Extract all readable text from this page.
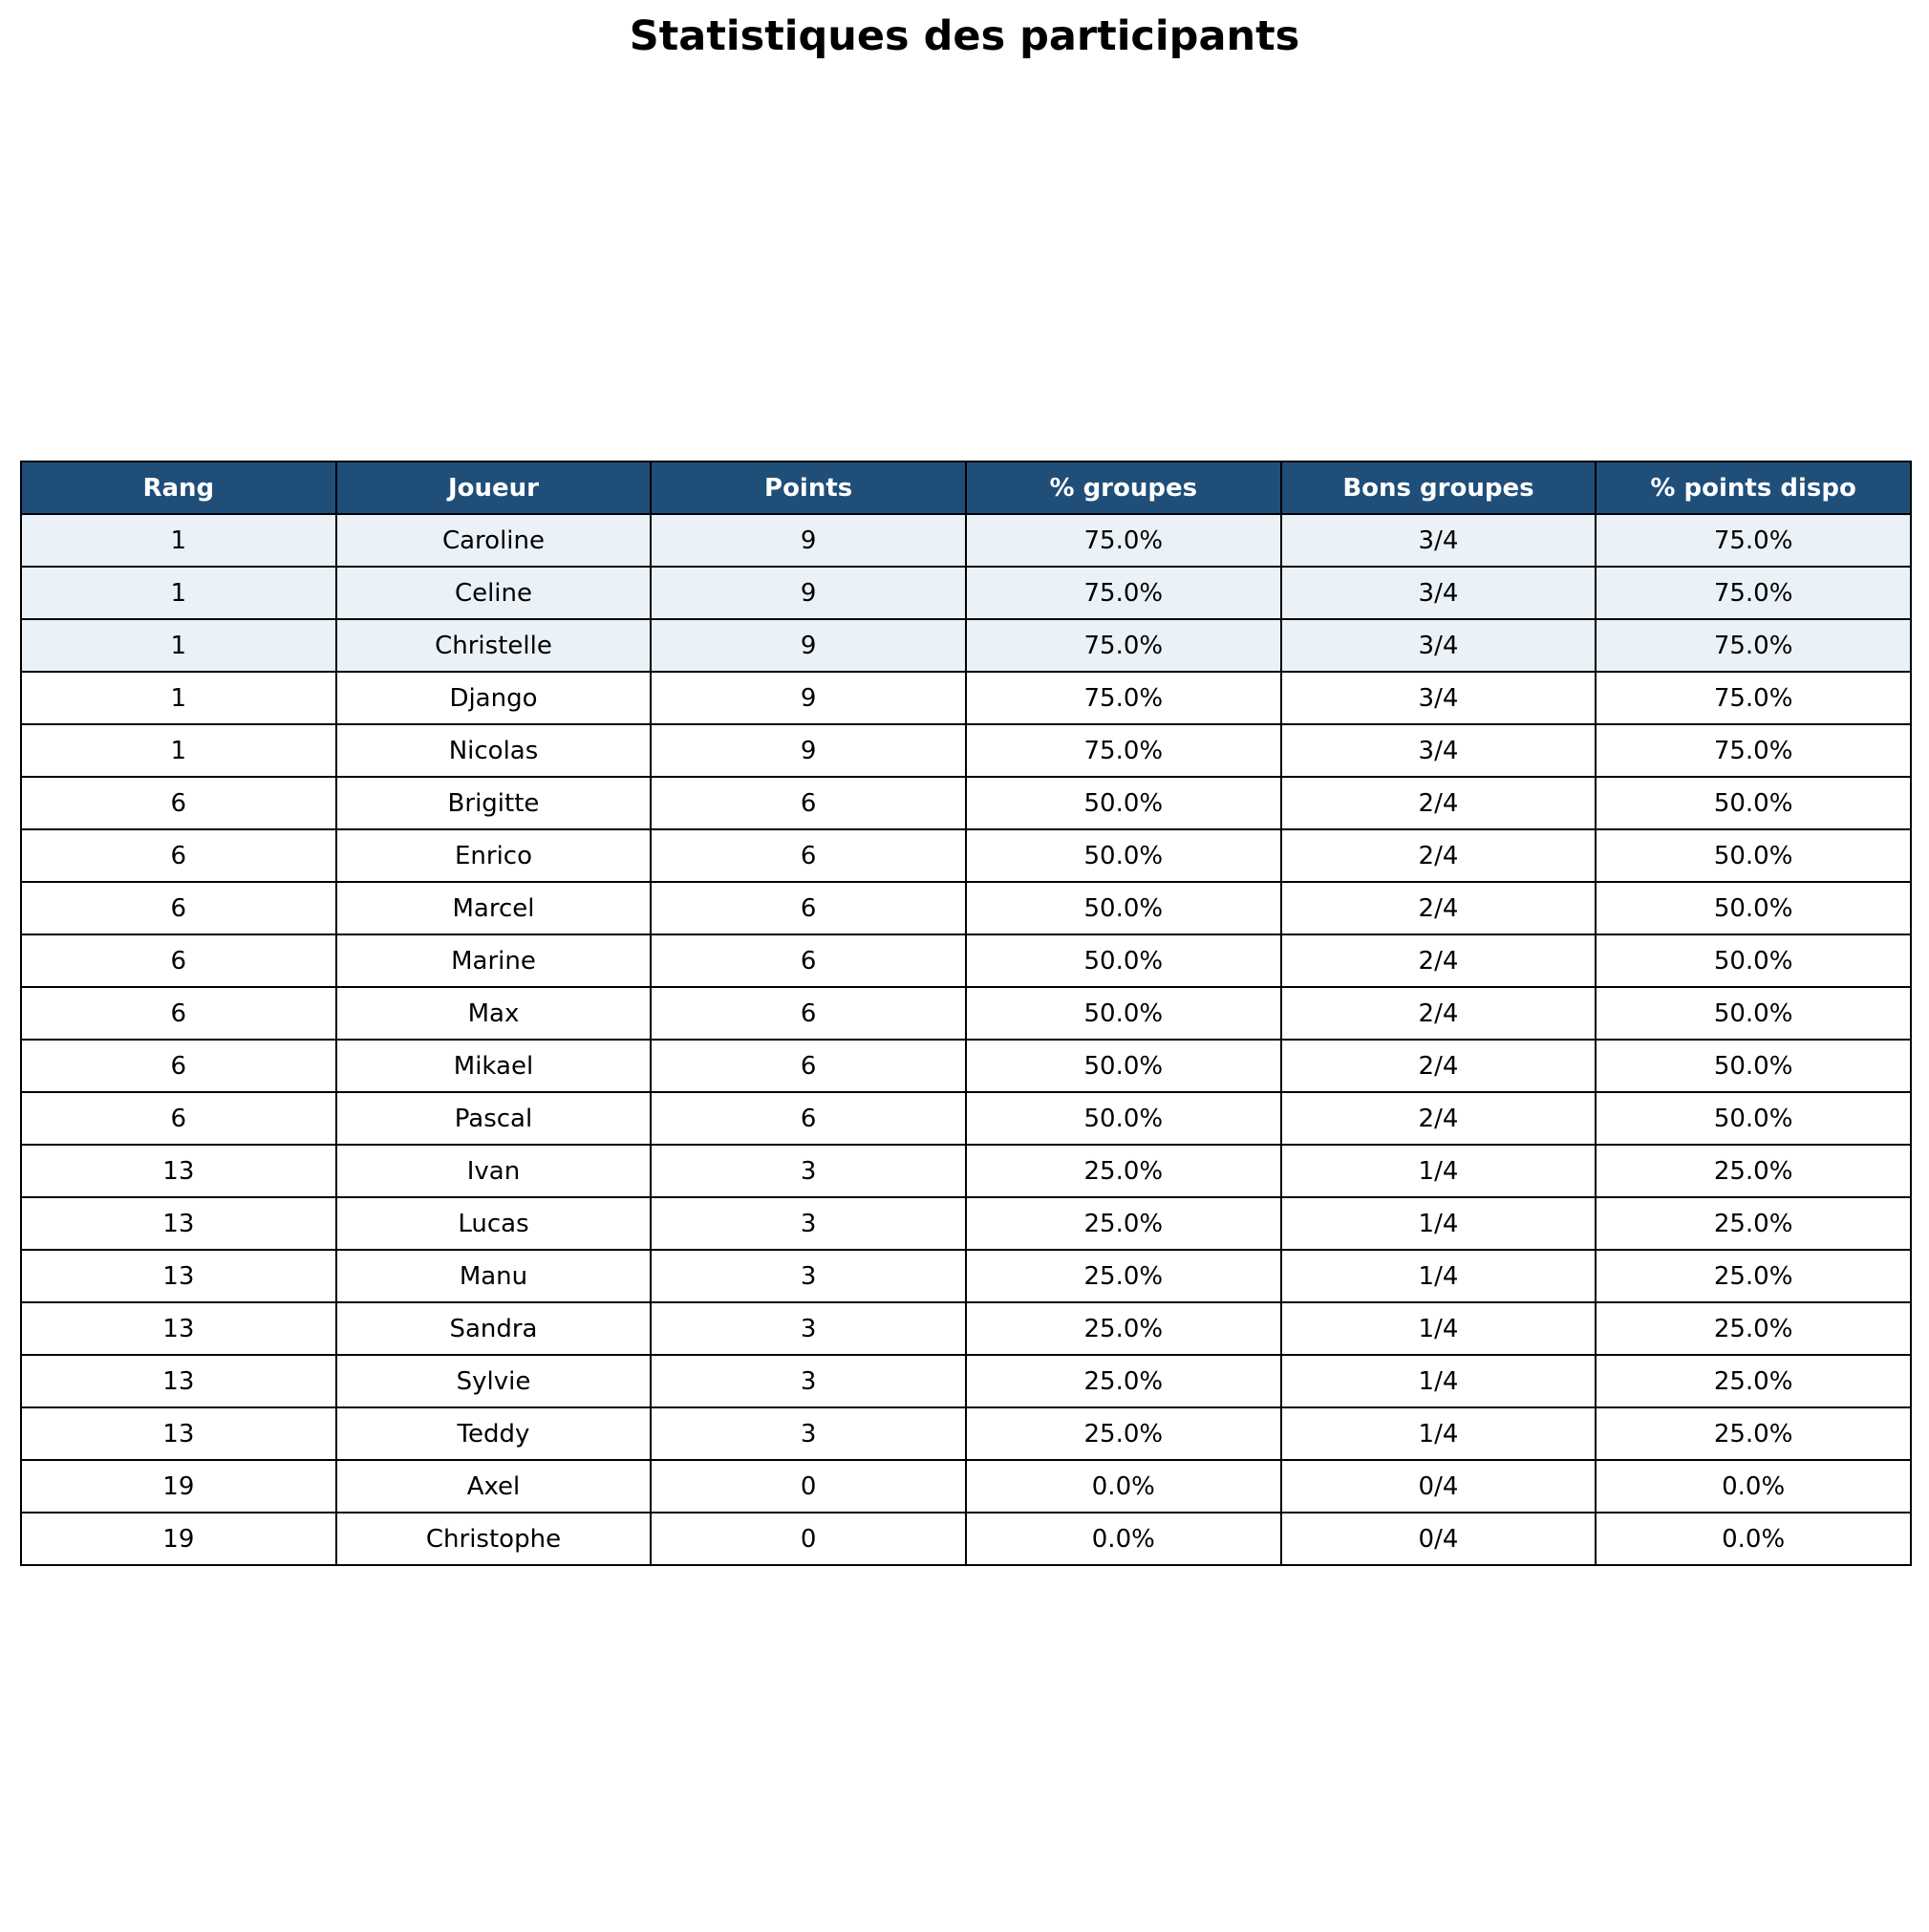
Statistiques des participants
Rang	Joueur	Points	% groupes	Bons groupes	% points dispo
1	Caroline	9	75.0%	3/4	75.0%
1	Celine	9	75.0%	3/4	75.0%
1	Christelle	9	75.0%	3/4	75.0%
1	Django	9	75.0%	3/4	75.0%
1	Nicolas	9	75.0%	3/4	75.0%
6	Brigitte	6	50.0%	2/4	50.0%
6	Enrico	6	50.0%	2/4	50.0%
6	Marcel	6	50.0%	2/4	50.0%
6	Marine	6	50.0%	2/4	50.0%
6	Max	6	50.0%	2/4	50.0%
6	Mikael	6	50.0%	2/4	50.0%
6	Pascal	6	50.0%	2/4	50.0%
13	Ivan	3	25.0%	1/4	25.0%
13	Lucas	3	25.0%	1/4	25.0%
13	Manu	3	25.0%	1/4	25.0%
13	Sandra	3	25.0%	1/4	25.0%
13	Sylvie	3	25.0%	1/4	25.0%
13	Teddy	3	25.0%	1/4	25.0%
19	Axel	0	0.0%	0/4	0.0%
19	Christophe	0	0.0%	0/4	0.0%
